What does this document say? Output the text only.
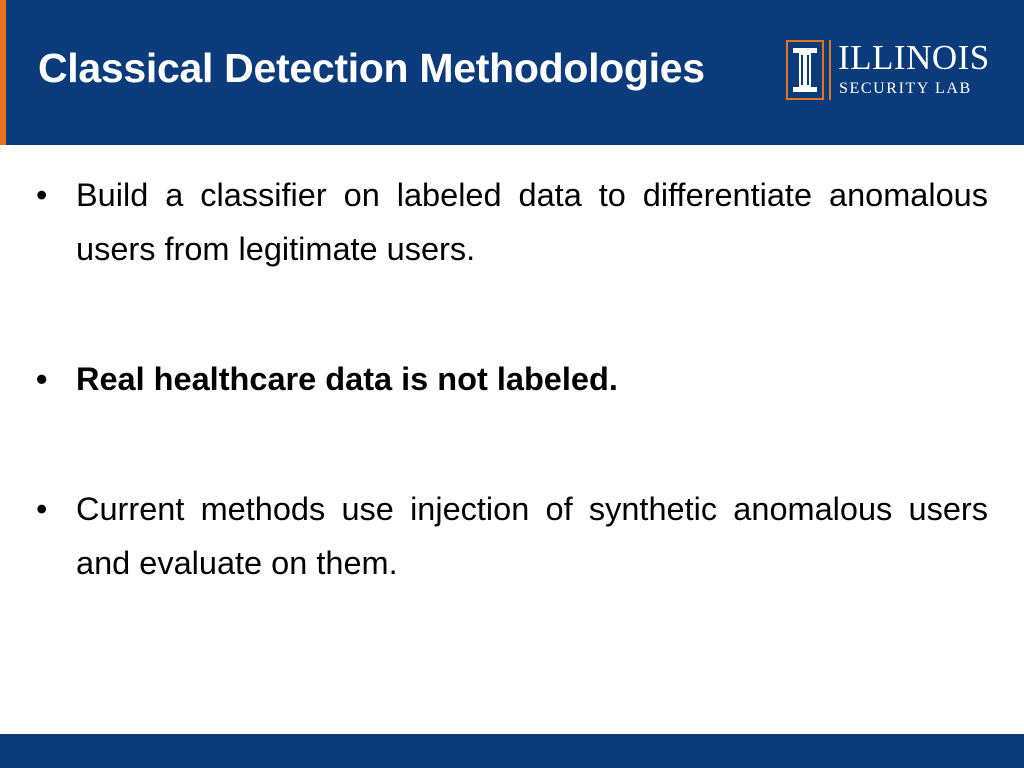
Classical Detection Methodologies	ILLINOIS
SECURITY LAB
• Build a classifier on labeled data to differentiate anomalous users from legitimate users.
• Real healthcare data is not labeled.
• Current methods use injection of synthetic anomalous users and evaluate on them.
